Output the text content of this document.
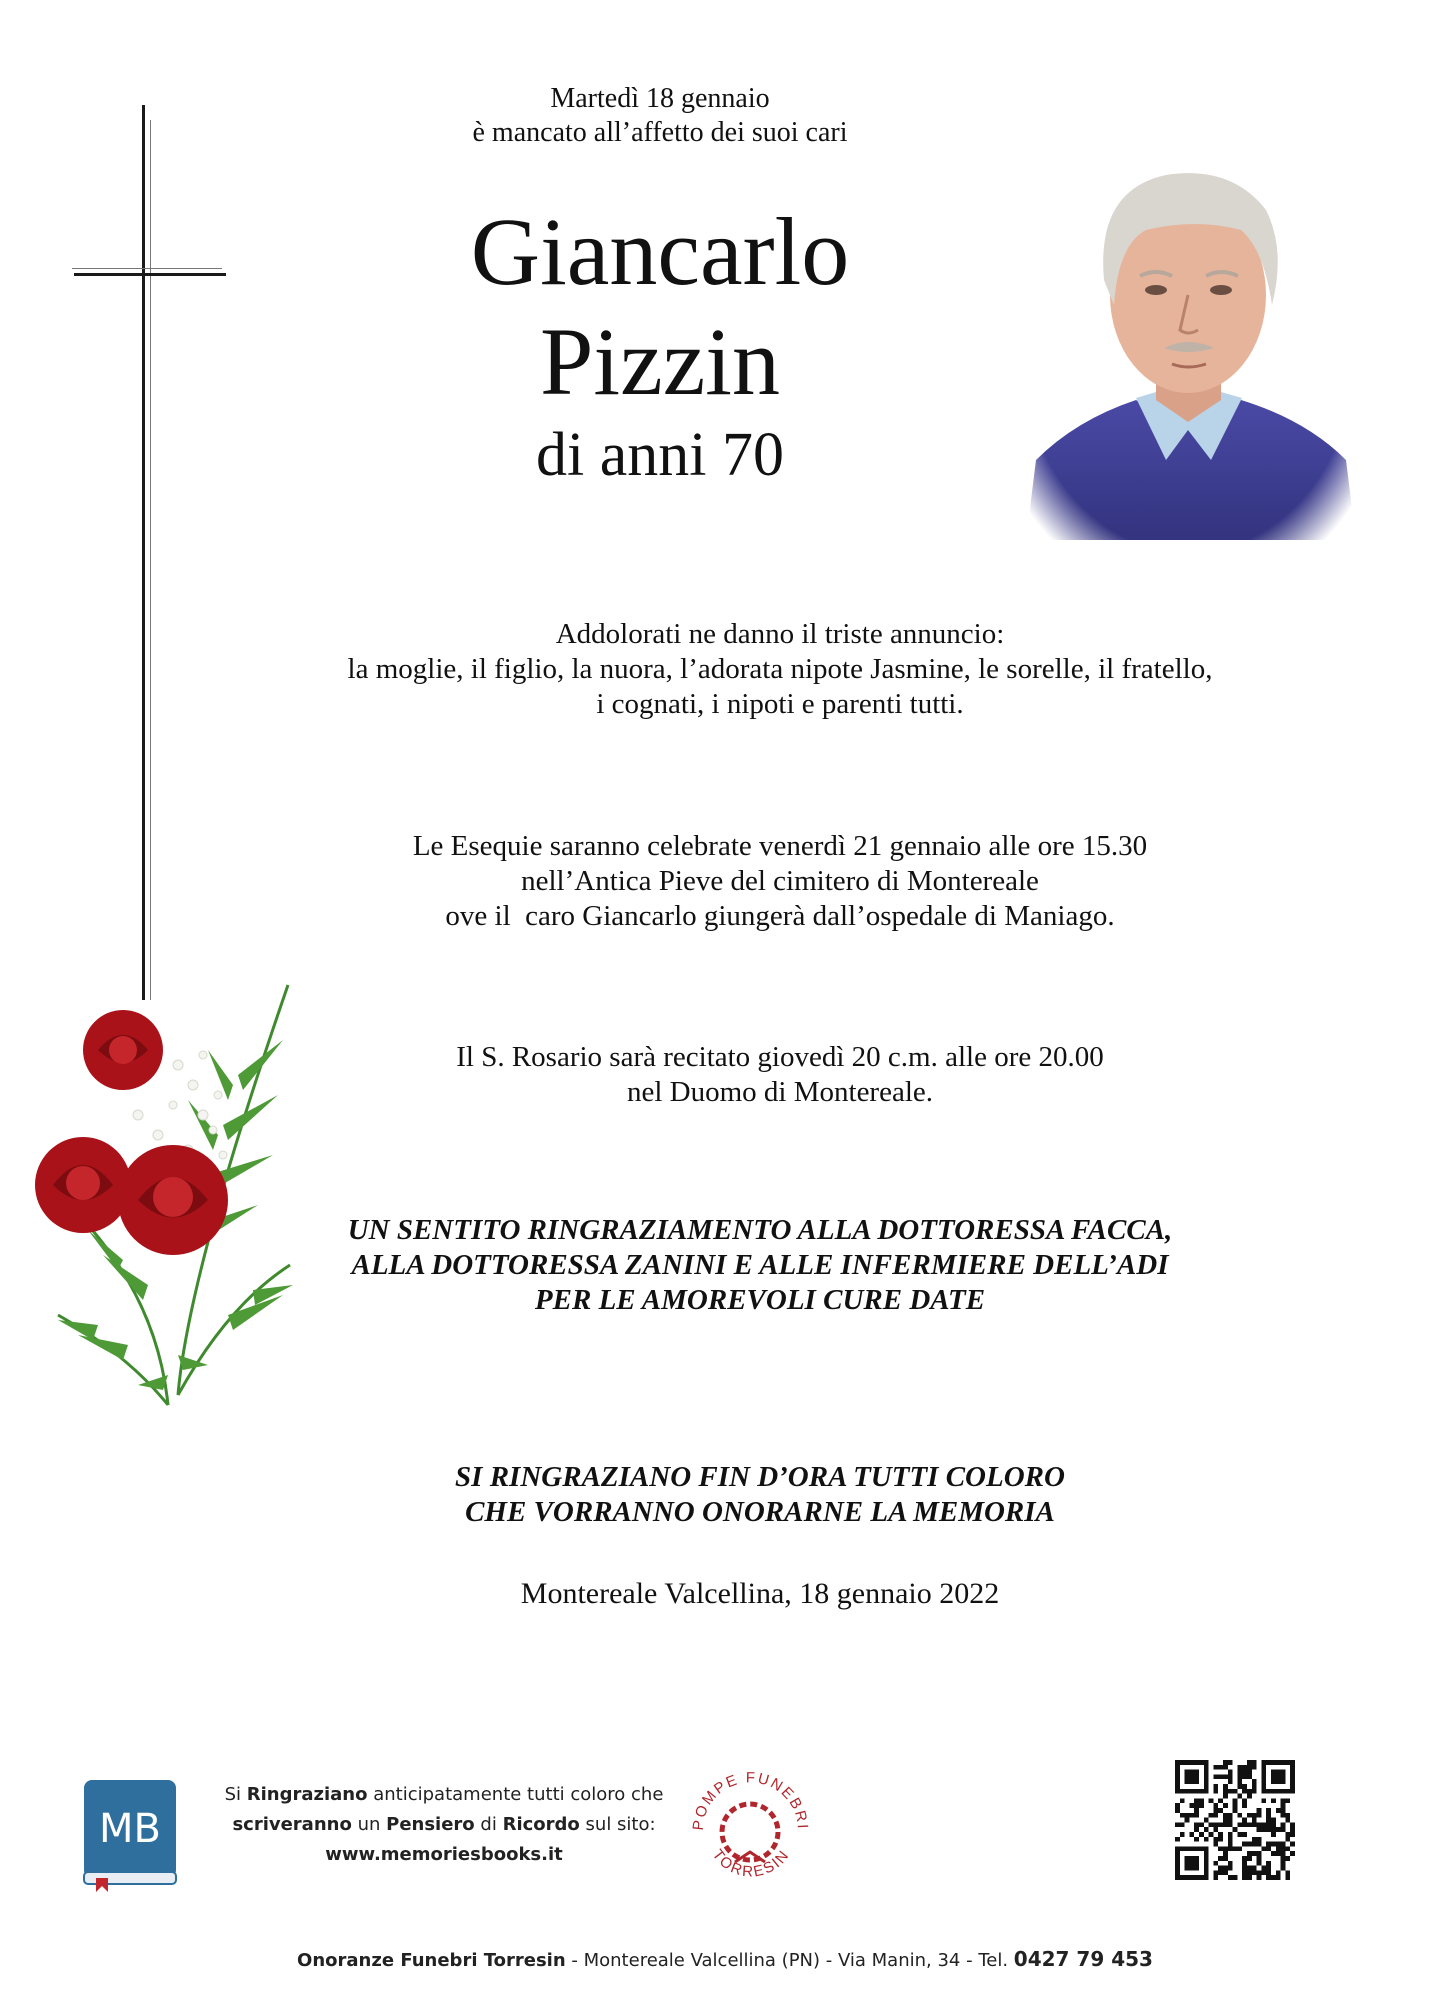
Martedì 18 gennaio
è mancato all’affetto dei suoi cari
Giancarlo
Pizzin
di anni 70
Addolorati ne danno il triste annuncio:
la moglie, il figlio, la nuora, l’adorata nipote Jasmine, le sorelle, il fratello,
i cognati, i nipoti e parenti tutti.
Le Esequie saranno celebrate venerdì 21 gennaio alle ore 15.30
nell’Antica Pieve del cimitero di Montereale
ove il  caro Giancarlo giungerà dall’ospedale di Maniago.
Il S. Rosario sarà recitato giovedì 20 c.m. alle ore 20.00
nel Duomo di Montereale.
UN SENTITO RINGRAZIAMENTO ALLA DOTTORESSA FACCA,
ALLA DOTTORESSA ZANINI E ALLE INFERMIERE DELL’ADI
PER LE AMOREVOLI CURE DATE
SI RINGRAZIANO FIN D’ORA TUTTI COLORO
CHE VORRANNO ONORARNE LA MEMORIA
Montereale Valcellina, 18 gennaio 2022
MB
Si Ringraziano anticipatamente tutti coloro che
scriveranno un Pensiero di Ricordo sul sito:
www.memoriesbooks.it
POMPE FUNEBRI
TORRESIN
Onoranze Funebri Torresin - Montereale Valcellina (PN) - Via Manin, 34 - Tel. 0427 79 453
